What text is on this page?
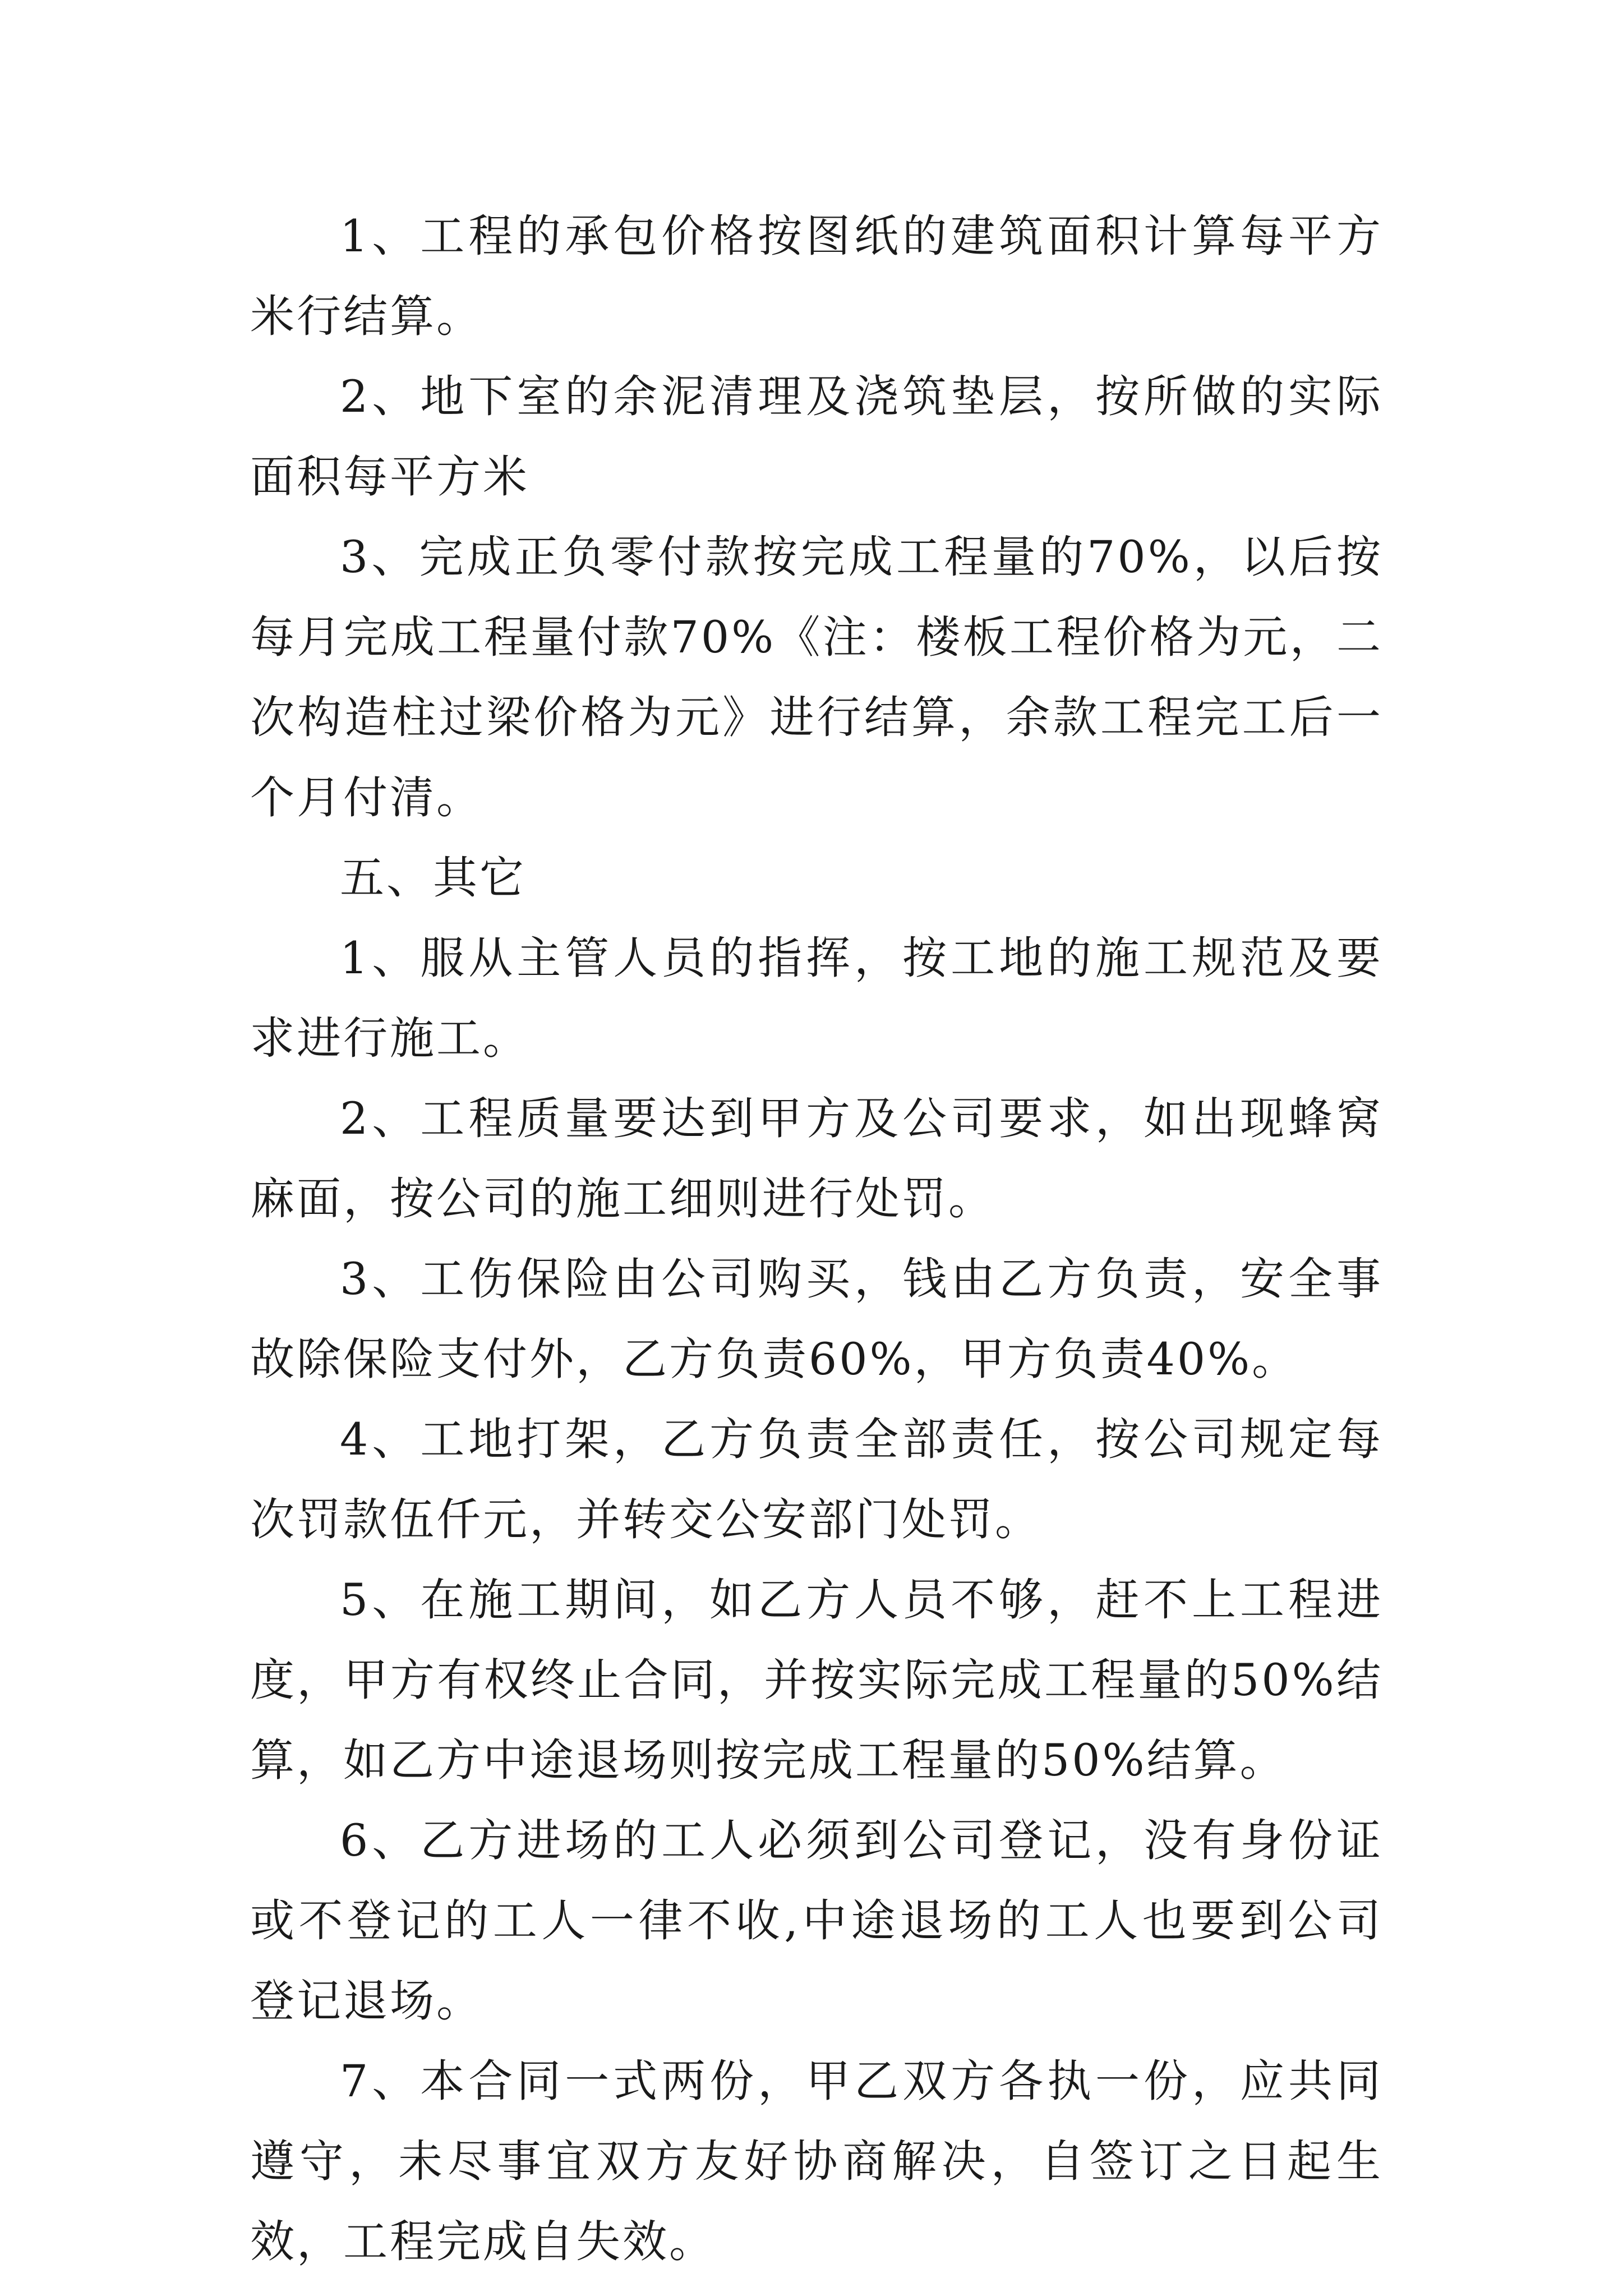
1、工程的承包价格按图纸的建筑面积计算每平方米行结算。

2、地下室的余泥清理及浇筑垫层，按所做的实际面积每平方米

3、完成正负零付款按完成工程量的70%，以后按每月完成工程量付款70%《注：楼板工程价格为元，二次构造柱过梁价格为元》进行结算，余款工程完工后一个月付清。

五、其它

1、服从主管人员的指挥，按工地的施工规范及要求进行施工。

2、工程质量要达到甲方及公司要求，如出现蜂窝麻面，按公司的施工细则进行处罚。

3、工伤保险由公司购买，钱由乙方负责，安全事故除保险支付外，乙方负责60%，甲方负责40%。

4、工地打架，乙方负责全部责任，按公司规定每次罚款伍仟元，并转交公安部门处罚。

5、在施工期间，如乙方人员不够，赶不上工程进度，甲方有权终止合同，并按实际完成工程量的50%结算，如乙方中途退场则按完成工程量的50%结算。

6、乙方进场的工人必须到公司登记，没有身份证或不登记的工人一律不收,中途退场的工人也要到公司登记退场。

7、本合同一式两份，甲乙双方各执一份，应共同遵守，未尽事宜双方友好协商解决，自签订之日起生效，工程完成自失效。
